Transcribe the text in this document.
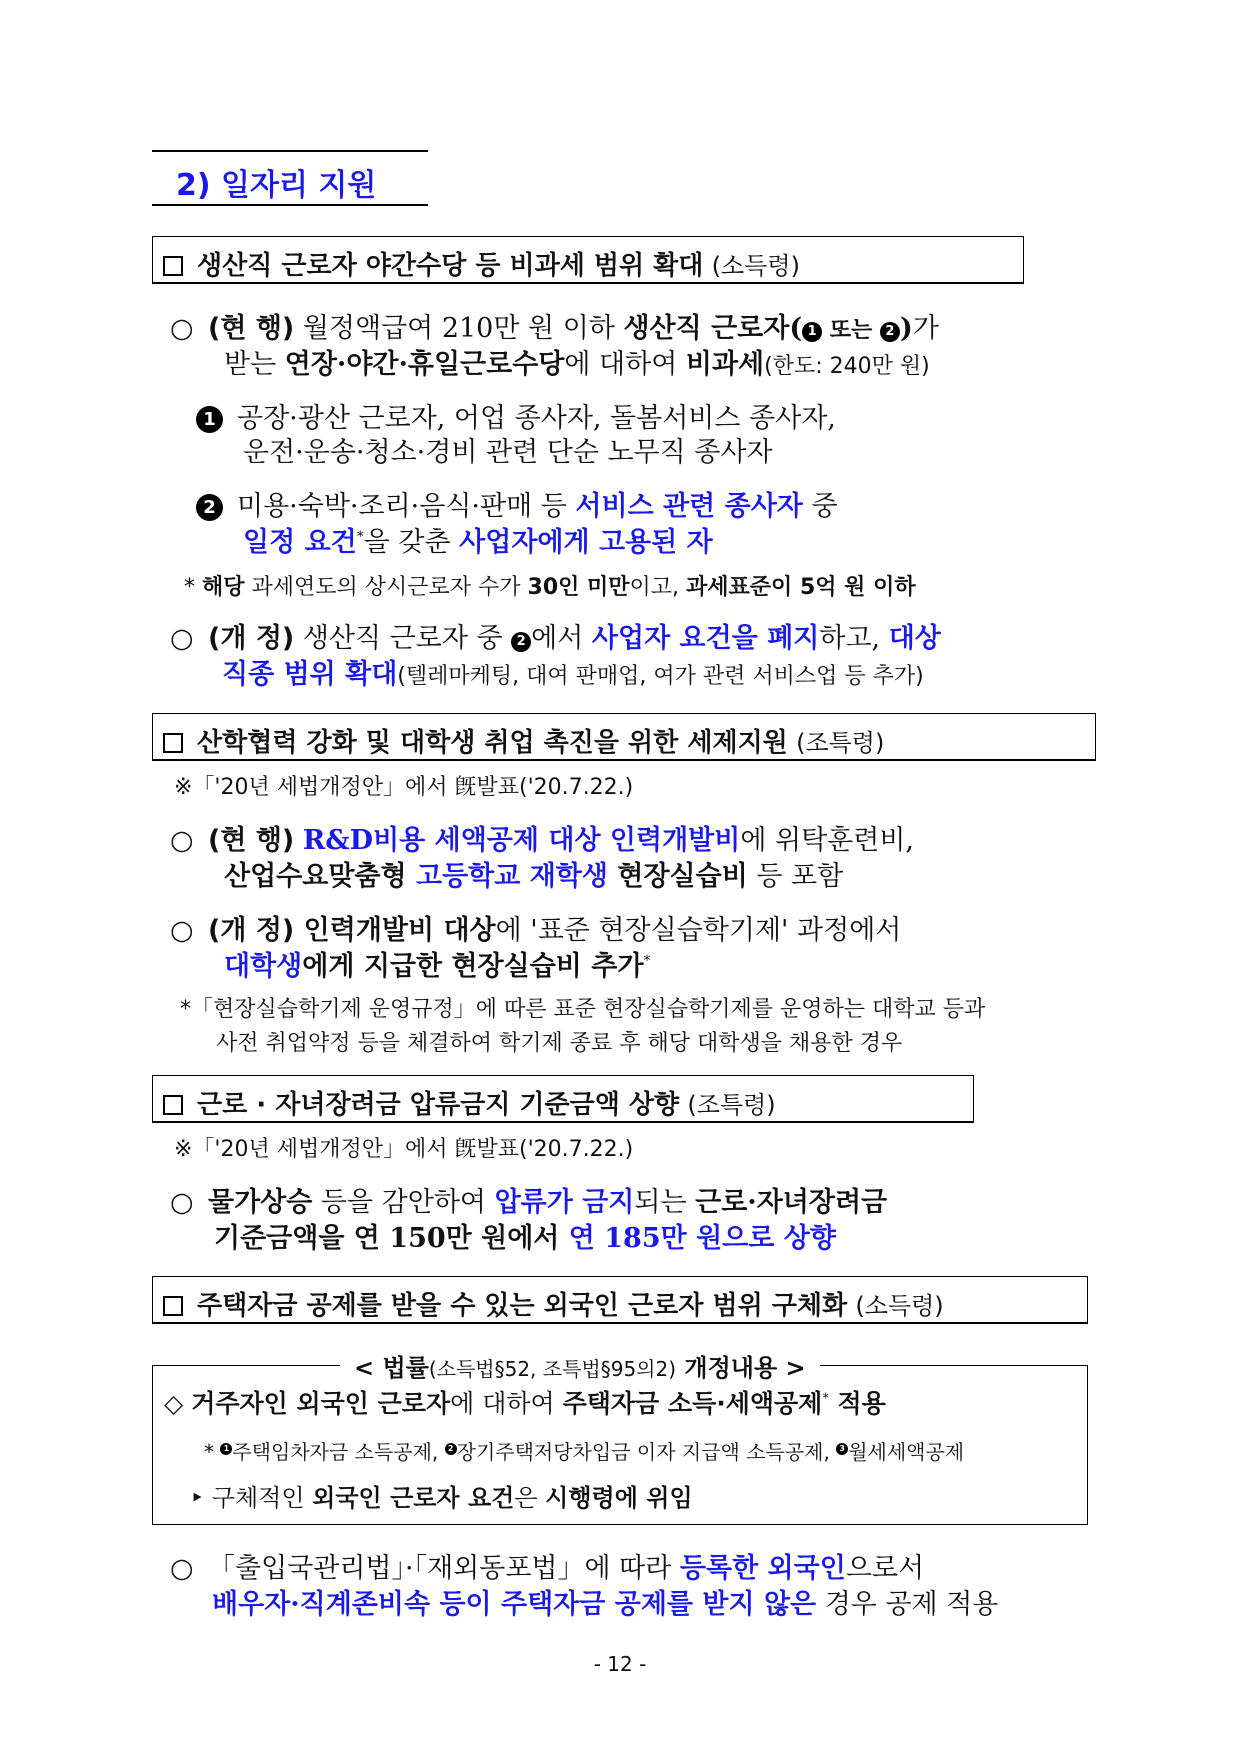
2) 일자리 지원
생산직 근로자 야간수당 등 비과세 범위 확대 (소득령)
○ (현 행) 월정액급여 210만 원 이하 생산직 근로자( 1 또는 2 )가
받는 연장·야간·휴일근로수당에 대하여 비과세(한도: 240만 원)
1 공장·광산 근로자, 어업 종사자, 돌봄서비스 종사자,
운전·운송·청소·경비 관련 단순 노무직 종사자
2 미용·숙박·조리·음식·판매 등 서비스 관련 종사자 중
일정 요건*을 갖춘 사업자에게 고용된 자
* 해당 과세연도의 상시근로자 수가 30인 미만이고, 과세표준이 5억 원 이하
○ (개 정) 생산직 근로자 중 2 에서 사업자 요건을 폐지하고, 대상
직종 범위 확대(텔레마케팅, 대여 판매업, 여가 관련 서비스업 등 추가)
산학협력 강화 및 대학생 취업 촉진을 위한 세제지원 (조특령)
※「'20년 세법개정안」에서 旣발표('20.7.22.)
○ (현 행) R&D비용 세액공제 대상 인력개발비에 위탁훈련비,
산업수요맞춤형 고등학교 재학생 현장실습비 등 포함
○ (개 정) 인력개발비 대상에 '표준 현장실습학기제' 과정에서
대학생에게 지급한 현장실습비 추가*
*「현장실습학기제 운영규정」에 따른 표준 현장실습학기제를 운영하는 대학교 등과
사전 취업약정 등을 체결하여 학기제 종료 후 해당 대학생을 채용한 경우
근로 · 자녀장려금 압류금지 기준금액 상향 (조특령)
※「'20년 세법개정안」에서 旣발표('20.7.22.)
○ 물가상승 등을 감안하여 압류가 금지되는 근로·자녀장려금
기준금액을 연 150만 원에서 연 185만 원으로 상향
주택자금 공제를 받을 수 있는 외국인 근로자 범위 구체화 (소득령)
< 법률(소득법§52, 조특법§95의2) 개정내용 >
◇ 거주자인 외국인 근로자에 대하여 주택자금 소득·세액공제* 적용
* 1 주택임차자금 소득공제, 2 장기주택저당차입금 이자 지급액 소득공제, 3 월세세액공제
‣ 구체적인 외국인 근로자 요건은 시행령에 위임
○ 「출입국관리법」·「재외동포법」에 따라 등록한 외국인으로서
배우자·직계존비속 등이 주택자금 공제를 받지 않은 경우 공제 적용
- 12 -
